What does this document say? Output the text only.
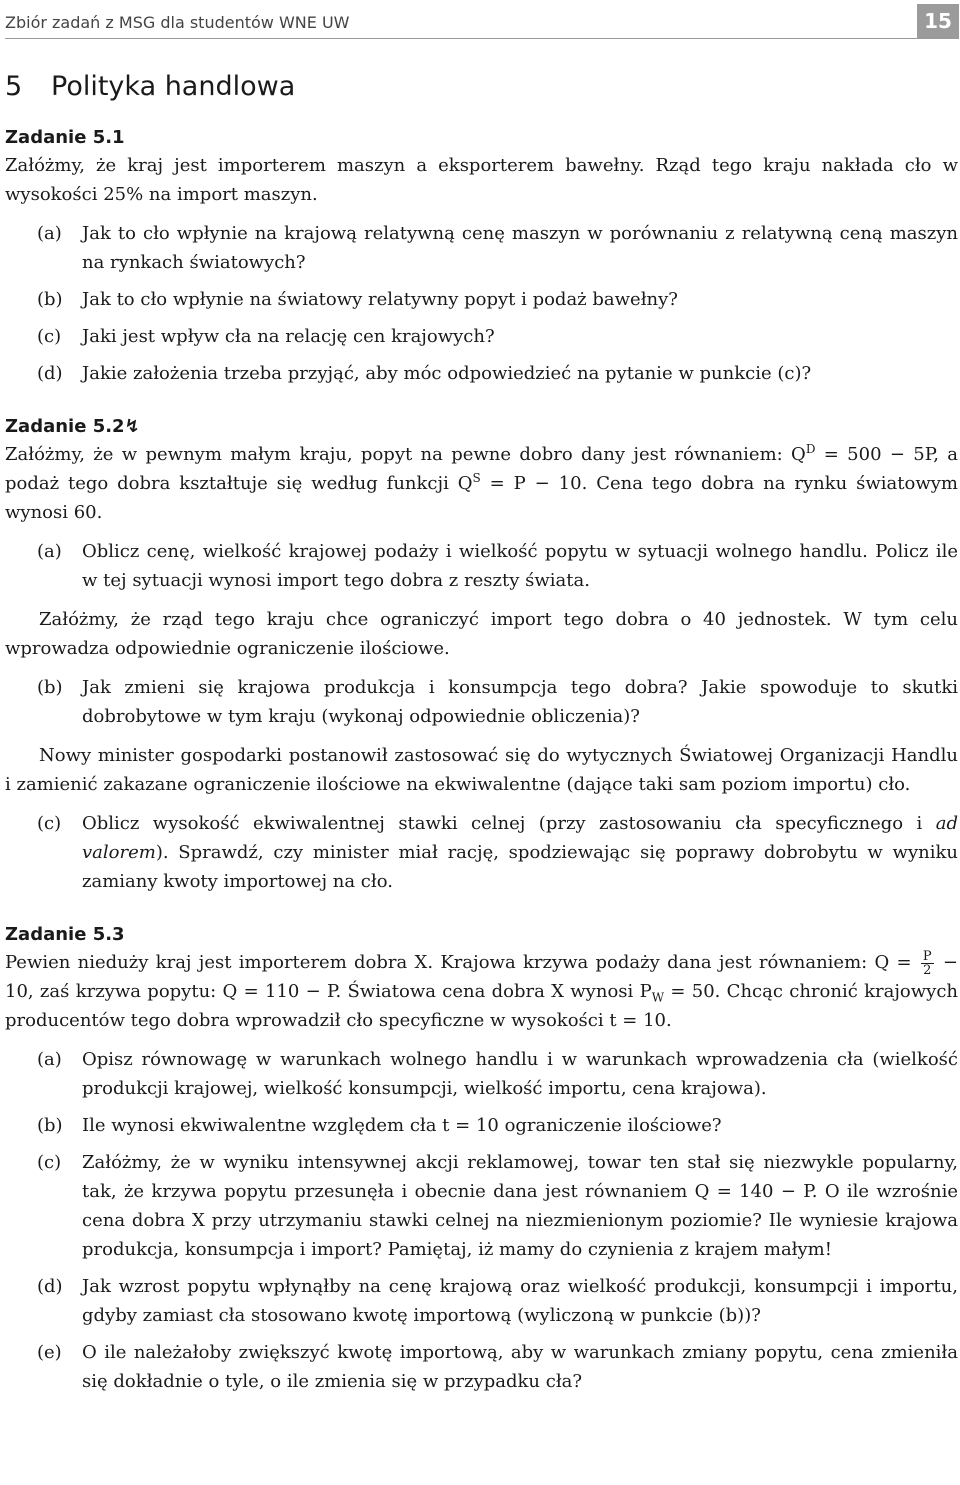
Zbiór zadań z MSG dla studentów WNE UW	15
5 Polityka handlowa
Zadanie 5.1

Załóżmy, że kraj jest importerem maszyn a eksporterem bawełny. Rząd tego kraju nakłada cło w wysokości 25% na import maszyn.

(a) Jak to cło wpłynie na krajową relatywną cenę maszyn w porównaniu z relatywną ceną maszyn na rynkach światowych?
(b) Jak to cło wpłynie na światowy relatywny popyt i podaż bawełny?
(c) Jaki jest wpływ cła na relację cen krajowych?
(d) Jakie założenia trzeba przyjąć, aby móc odpowiedzieć na pytanie w punkcie (c)?
Zadanie 5.2↯

Załóżmy, że w pewnym małym kraju, popyt na pewne dobro dany jest równaniem: $Q^D = 500 - 5P$, a podaż tego dobra kształtuje się według funkcji $Q^S = P - 10$. Cena tego dobra na rynku światowym wynosi 60.

(a) Oblicz cenę, wielkość krajowej podaży i wielkość popytu w sytuacji wolnego handlu. Policz ile w tej sytuacji wynosi import tego dobra z reszty świata.

Załóżmy, że rząd tego kraju chce ograniczyć import tego dobra o 40 jednostek. W tym celu wprowadza odpowiednie ograniczenie ilościowe.

(b) Jak zmieni się krajowa produkcja i konsumpcja tego dobra? Jakie spowoduje to skutki dobrobytowe w tym kraju (wykonaj odpowiednie obliczenia)?

Nowy minister gospodarki postanowił zastosować się do wytycznych Światowej Organizacji Handlu i zamienić zakazane ograniczenie ilościowe na ekwiwalentne (dające taki sam poziom importu) cło.

(c) Oblicz wysokość ekwiwalentnej stawki celnej (przy zastosowaniu cła specyficznego i ad valorem). Sprawdź, czy minister miał rację, spodziewając się poprawy dobrobytu w wyniku zamiany kwoty importowej na cło.
Zadanie 5.3

Pewien nieduży kraj jest importerem dobra X. Krajowa krzywa podaży dana jest równaniem: $Q = \frac{P}{2} - 10$, zaś krzywa popytu: Q = 110 − P. Światowa cena dobra X wynosi $P_W = 50$. Chcąc chronić krajowych producentów tego dobra wprowadził cło specyficzne w wysokości t = 10.

(a) Opisz równowagę w warunkach wolnego handlu i w warunkach wprowadzenia cła (wielkość produkcji krajowej, wielkość konsumpcji, wielkość importu, cena krajowa).
(b) Ile wynosi ekwiwalentne względem cła t = 10 ograniczenie ilościowe?
(c) Załóżmy, że w wyniku intensywnej akcji reklamowej, towar ten stał się niezwykle popularny, tak, że krzywa popytu przesunęła i obecnie dana jest równaniem Q = 140 − P. O ile wzrośnie cena dobra X przy utrzymaniu stawki celnej na niezmienionym poziomie? Ile wyniesie krajowa produkcja, konsumpcja i import? Pamiętaj, iż mamy do czynienia z krajem małym!
(d) Jak wzrost popytu wpłynąłby na cenę krajową oraz wielkość produkcji, konsumpcji i importu, gdyby zamiast cła stosowano kwotę importową (wyliczoną w punkcie (b))?
(e) O ile należałoby zwiększyć kwotę importową, aby w warunkach zmiany popytu, cena zmieniła się dokładnie o tyle, o ile zmienia się w przypadku cła?
